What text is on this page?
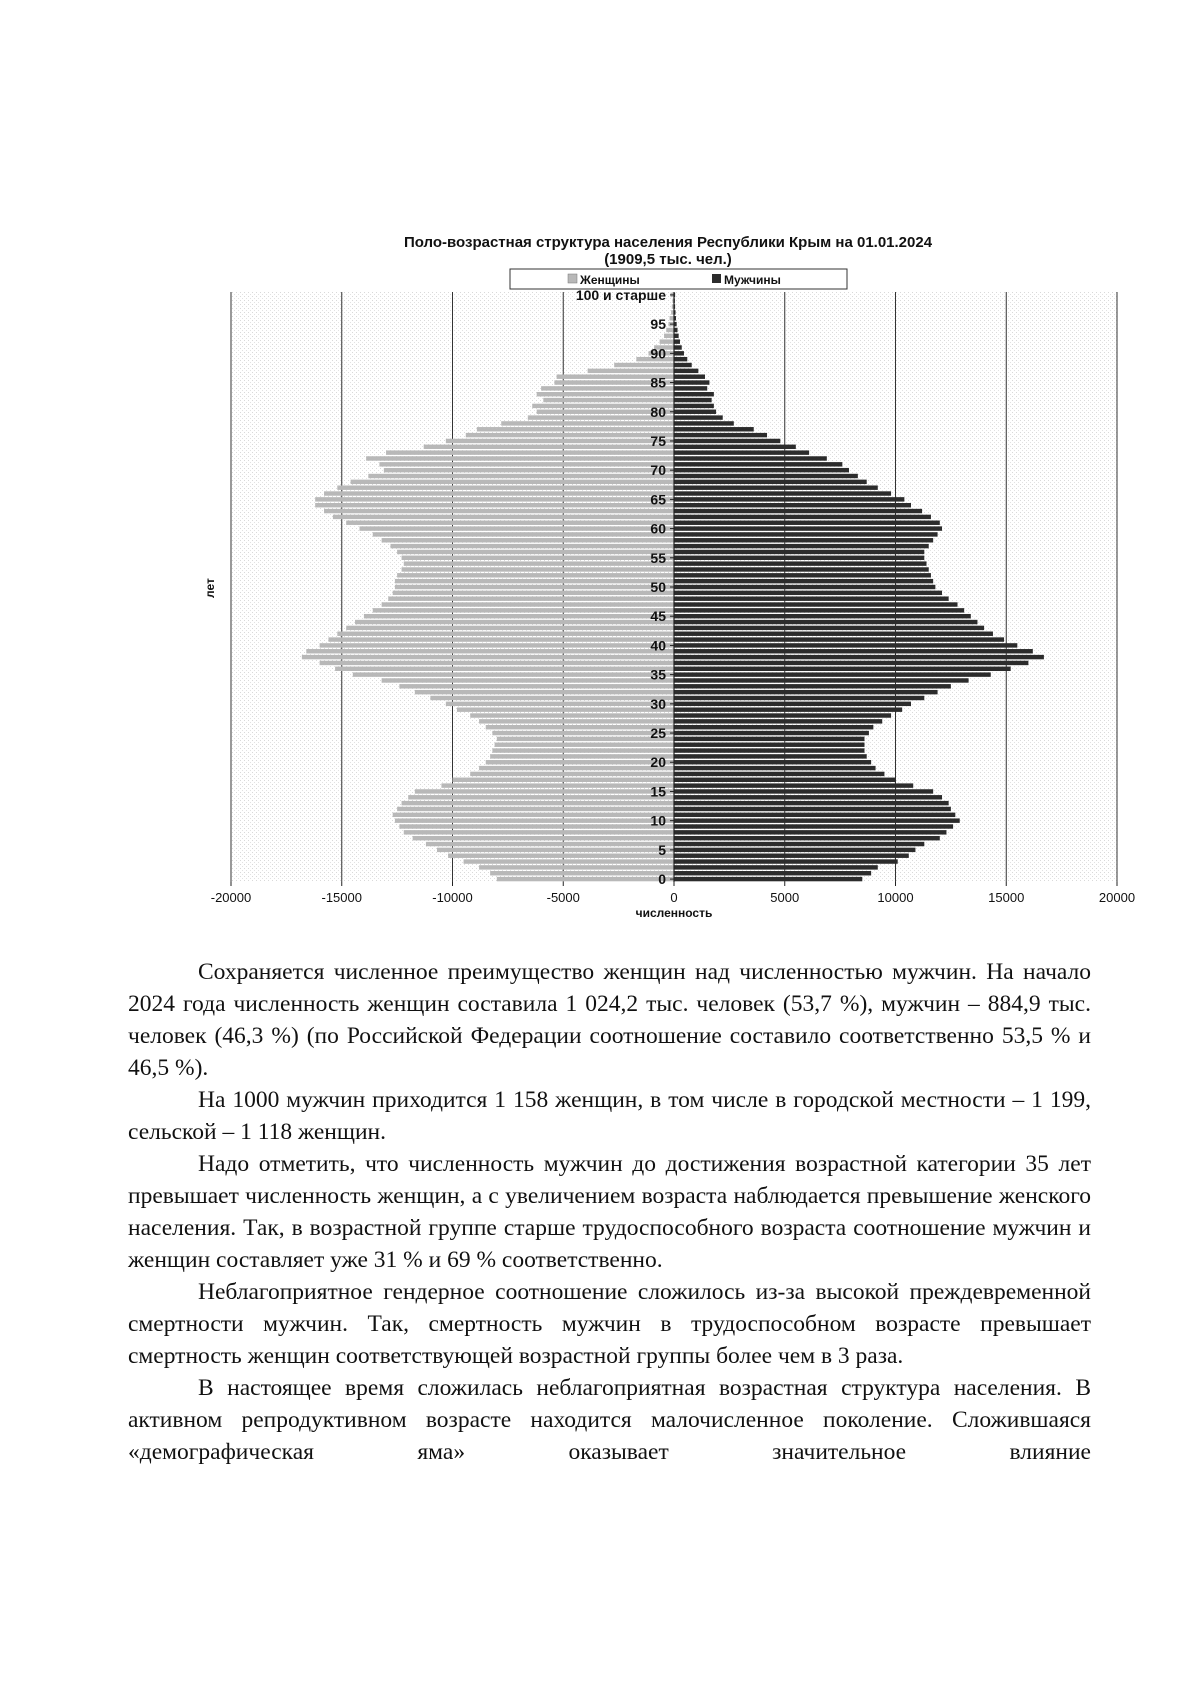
Поло-возрастная структура населения Республики Крым на 01.01.2024
(1909,5 тыс. чел.)
Женщины	Мужчины
-20000	-15000	-10000	-5000	0	5000	10000	15000	20000
0
5
10
15
20
25
30
35
40
45
50
55
60
65
70
75
80
85
90
95
100 и старше
численность
лет

Сохраняется численное преимущество женщин над численностью мужчин. На начало 2024 года численность женщин составила 1 024,2 тыс. человек (53,7 %), мужчин – 884,9 тыс. человек (46,3 %) (по Российской Федерации соотношение составило соответственно 53,5 % и 46,5 %).

На 1000 мужчин приходится 1 158 женщин, в том числе в городской местности – 1 199, сельской – 1 118 женщин.

Надо отметить, что численность мужчин до достижения возрастной категории 35 лет превышает численность женщин, а с увеличением возраста наблюдается превышение женского населения. Так, в возрастной группе старше трудоспособного возраста соотношение мужчин и женщин составляет уже 31 % и 69 % соответственно.

Неблагоприятное гендерное соотношение сложилось из-за высокой преждевременной смертности мужчин. Так, смертность мужчин в трудоспособном возрасте превышает смертность женщин соответствующей возрастной группы более чем в 3 раза.

В настоящее время сложилась неблагоприятная возрастная структура населения. В активном репродуктивном возрасте находится малочисленное поколение. Сложившаяся «демографическая яма» оказывает значительное влияние
